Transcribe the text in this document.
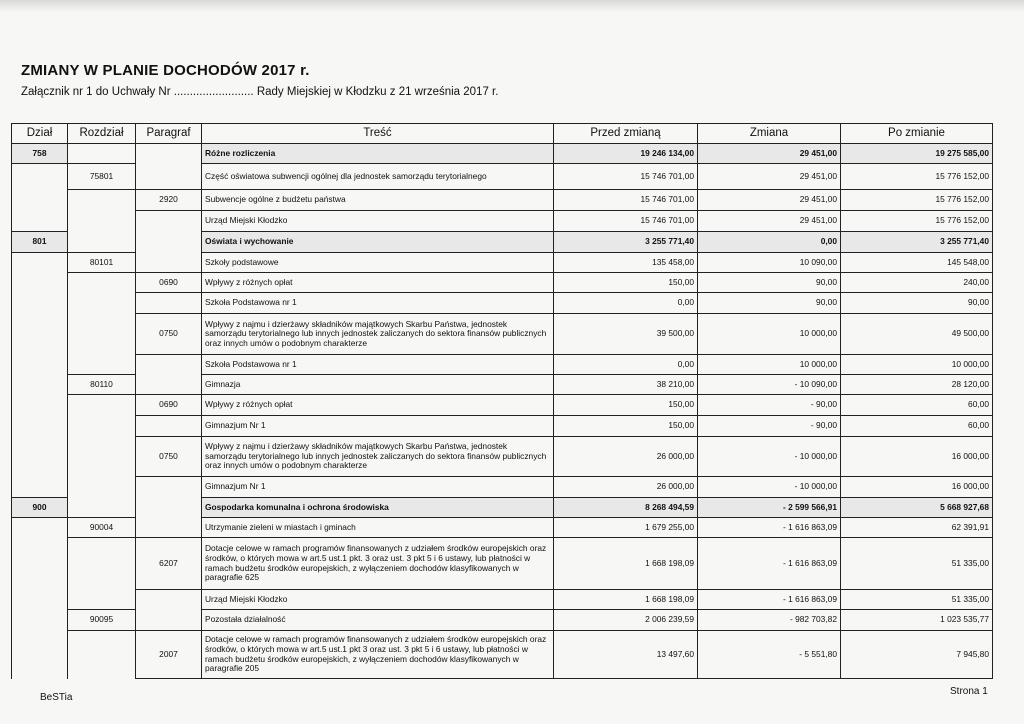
ZMIANY W PLANIE DOCHODÓW 2017 r.
Załącznik nr 1 do Uchwały Nr ......................... Rady Miejskiej w Kłodzku z 21 września 2017 r.
Dział	Rozdział	Paragraf	Treść	Przed zmianą	Zmiana	Po zmianie
758			Różne rozliczenia	19 246 134,00	29 451,00	19 275 585,00
	75801		Część oświatowa subwencji ogólnej dla jednostek samorządu terytorialnego	15 746 701,00	29 451,00	15 776 152,00
		2920	Subwencje ogólne z budżetu państwa	15 746 701,00	29 451,00	15 776 152,00
			Urząd Miejski Kłodzko	15 746 701,00	29 451,00	15 776 152,00
801			Oświata i wychowanie	3 255 771,40	0,00	3 255 771,40
	80101		Szkoły podstawowe	135 458,00	10 090,00	145 548,00
		0690	Wpływy z różnych opłat	150,00	90,00	240,00
			Szkoła Podstawowa nr 1	0,00	90,00	90,00
		0750	Wpływy z najmu i dzierżawy składników majątkowych Skarbu Państwa, jednostek samorządu terytorialnego lub innych jednostek zaliczanych do sektora finansów publicznych oraz innych umów o podobnym charakterze	39 500,00	10 000,00	49 500,00
			Szkoła Podstawowa nr 1	0,00	10 000,00	10 000,00
	80110		Gimnazja	38 210,00	- 10 090,00	28 120,00
		0690	Wpływy z różnych opłat	150,00	- 90,00	60,00
			Gimnazjum Nr 1	150,00	- 90,00	60,00
		0750	Wpływy z najmu i dzierżawy składników majątkowych Skarbu Państwa, jednostek samorządu terytorialnego lub innych jednostek zaliczanych do sektora finansów publicznych oraz innych umów o podobnym charakterze	26 000,00	- 10 000,00	16 000,00
			Gimnazjum Nr 1	26 000,00	- 10 000,00	16 000,00
900			Gospodarka komunalna i ochrona środowiska	8 268 494,59	- 2 599 566,91	5 668 927,68
	90004		Utrzymanie zieleni w miastach i gminach	1 679 255,00	- 1 616 863,09	62 391,91
		6207	Dotacje celowe w ramach programów finansowanych z udziałem środków europejskich oraz środków, o których mowa w art.5 ust.1 pkt. 3 oraz ust. 3 pkt 5 i 6 ustawy, lub płatności w ramach budżetu środków europejskich, z wyłączeniem dochodów klasyfikowanych w paragrafie 625	1 668 198,09	- 1 616 863,09	51 335,00
			Urząd Miejski Kłodzko	1 668 198,09	- 1 616 863,09	51 335,00
	90095		Pozostała działalność	2 006 239,59	- 982 703,82	1 023 535,77
		2007	Dotacje celowe w ramach programów finansowanych z udziałem środków europejskich oraz środków, o których mowa w art.5 ust.1 pkt 3 oraz ust. 3 pkt 5 i 6 ustawy, lub płatności w ramach budżetu środków europejskich, z wyłączeniem dochodów klasyfikowanych w paragrafie 205	13 497,60	- 5 551,80	7 945,80
BeSTia
Strona 1
